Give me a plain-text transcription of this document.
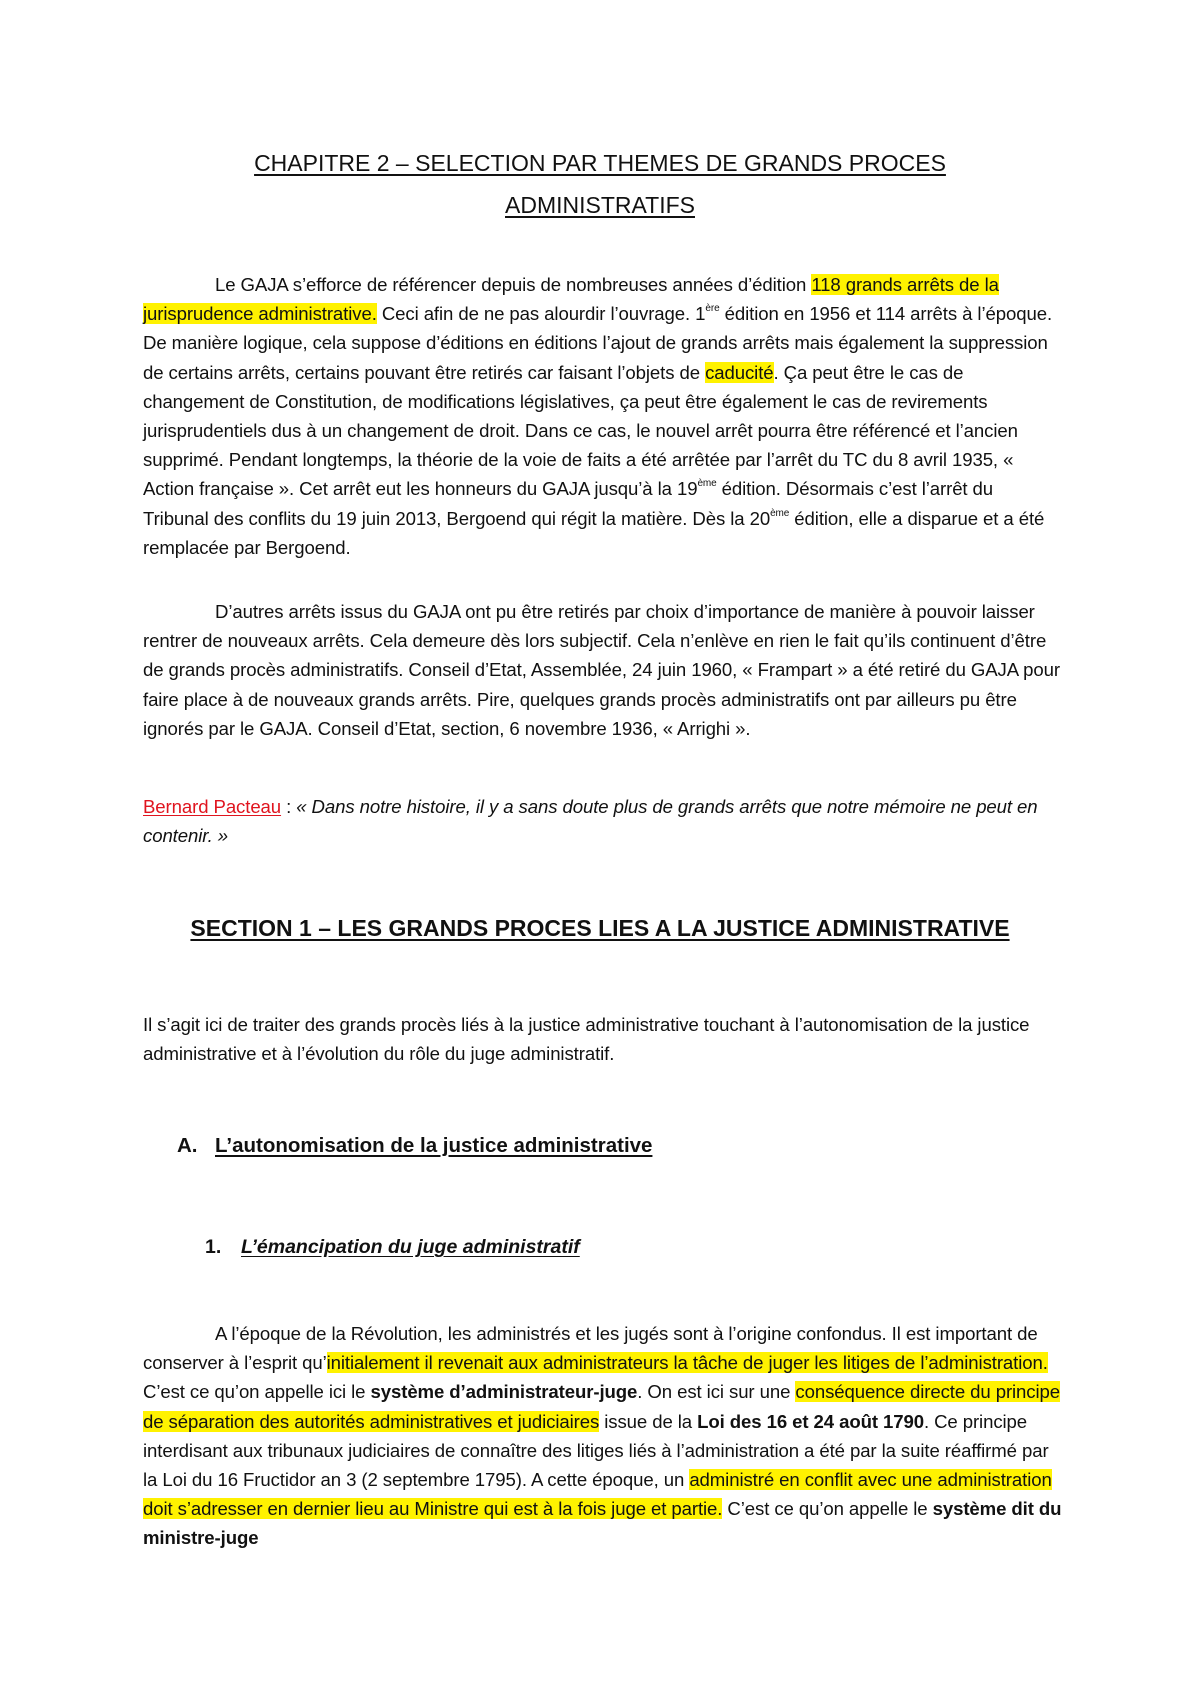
CHAPITRE 2 – SELECTION PAR THEMES DE GRANDS PROCES
ADMINISTRATIFS

Le GAJA s’efforce de référencer depuis de nombreuses années d’édition 118 grands arrêts de la jurisprudence administrative. Ceci afin de ne pas alourdir l’ouvrage. 1ère édition en 1956 et 114 arrêts à l’époque. De manière logique, cela suppose d’éditions en éditions l’ajout de grands arrêts mais également la suppression de certains arrêts, certains pouvant être retirés car faisant l’objets de caducité. Ça peut être le cas de changement de Constitution, de modifications législatives, ça peut être également le cas de revirements jurisprudentiels dus à un changement de droit. Dans ce cas, le nouvel arrêt pourra être référencé et l’ancien supprimé. Pendant longtemps, la théorie de la voie de faits a été arrêtée par l’arrêt du TC du 8 avril 1935, « Action française ». Cet arrêt eut les honneurs du GAJA jusqu’à la 19ème édition. Désormais c’est l’arrêt du Tribunal des conflits du 19 juin 2013, Bergoend qui régit la matière. Dès la 20ème édition, elle a disparue et a été remplacée par Bergoend.

D’autres arrêts issus du GAJA ont pu être retirés par choix d’importance de manière à pouvoir laisser rentrer de nouveaux arrêts. Cela demeure dès lors subjectif. Cela n’enlève en rien le fait qu’ils continuent d’être de grands procès administratifs. Conseil d’Etat, Assemblée, 24 juin 1960, « Frampart » a été retiré du GAJA pour faire place à de nouveaux grands arrêts. Pire, quelques grands procès administratifs ont par ailleurs pu être ignorés par le GAJA. Conseil d’Etat, section, 6 novembre 1936, « Arrighi ».

Bernard Pacteau : « Dans notre histoire, il y a sans doute plus de grands arrêts que notre mémoire ne peut en contenir. »

SECTION 1 – LES GRANDS PROCES LIES A LA JUSTICE ADMINISTRATIVE

Il s’agit ici de traiter des grands procès liés à la justice administrative touchant à l’autonomisation de la justice administrative et à l’évolution du rôle du juge administratif.

A. L’autonomisation de la justice administrative
1. L’émancipation du juge administratif

A l’époque de la Révolution, les administrés et les jugés sont à l’origine confondus. Il est important de conserver à l’esprit qu’initialement il revenait aux administrateurs la tâche de juger les litiges de l’administration. C’est ce qu’on appelle ici le système d’administrateur-juge. On est ici sur une conséquence directe du principe de séparation des autorités administratives et judiciaires issue de la Loi des 16 et 24 août 1790. Ce principe interdisant aux tribunaux judiciaires de connaître des litiges liés à l’administration a été par la suite réaffirmé par la Loi du 16 Fructidor an 3 (2 septembre 1795). A cette époque, un administré en conflit avec une administration doit s’adresser en dernier lieu au Ministre qui est à la fois juge et partie. C’est ce qu’on appelle le système dit du ministre-juge
